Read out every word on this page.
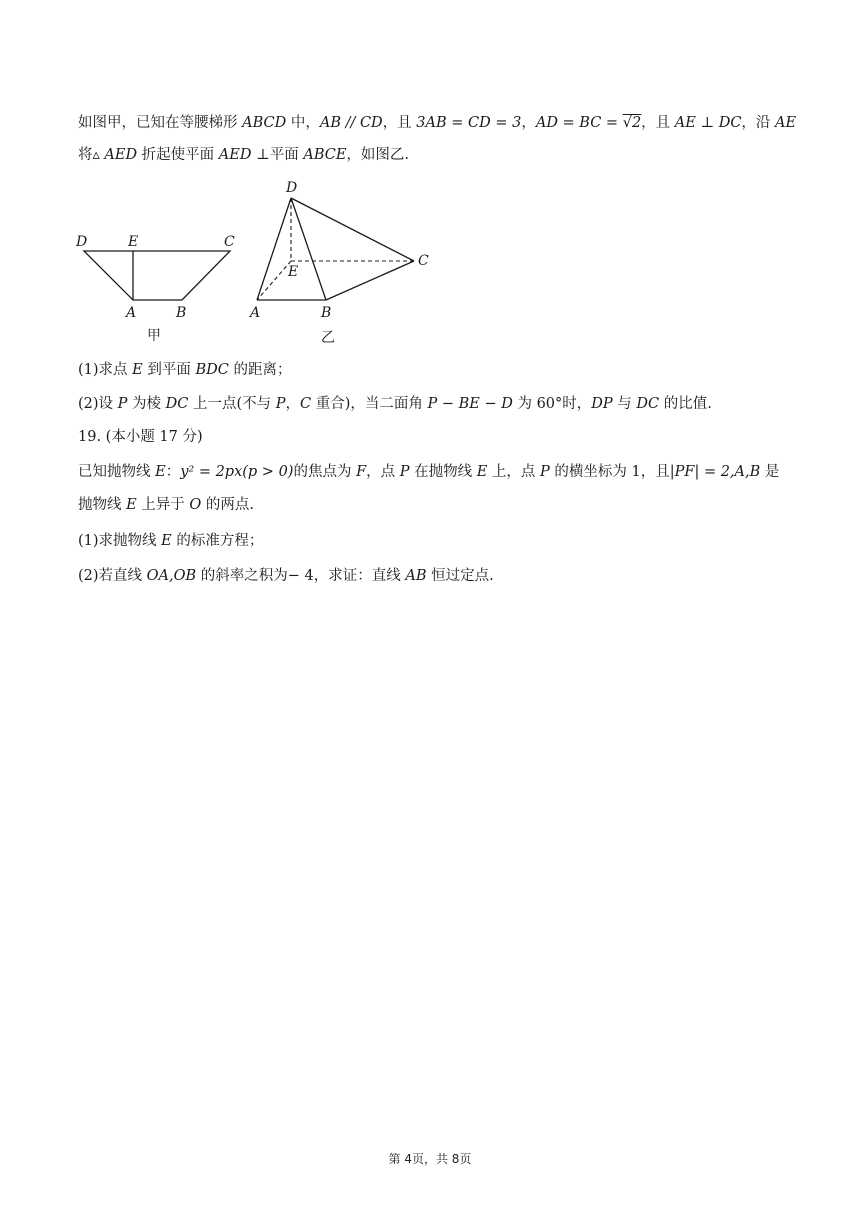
如图甲，已知在等腰梯形 ABCD 中，AB // CD，且 3AB = CD = 3，AD = BC = √2，且 AE ⊥ DC，沿 AE
将▵ AED 折起使平面 AED ⊥平面 ABCE，如图乙.
D	E	C
A	B
甲
D
E
C
A	B
乙
(1)求点 E 到平面 BDC 的距离；
(2)设 P 为棱 DC 上一点(不与 P，C 重合)，当二面角 P − BE − D 为 60°时，DP 与 DC 的比值.
19. (本小题 17 分)
已知抛物线 E：y² = 2px(p > 0)的焦点为 F，点 P 在抛物线 E 上，点 P 的横坐标为 1，且|PF| = 2,A,B 是
抛物线 E 上异于 O 的两点.
(1)求抛物线 E 的标准方程；
(2)若直线 OA,OB 的斜率之积为− 4，求证：直线 AB 恒过定点.
第 4页，共 8页
